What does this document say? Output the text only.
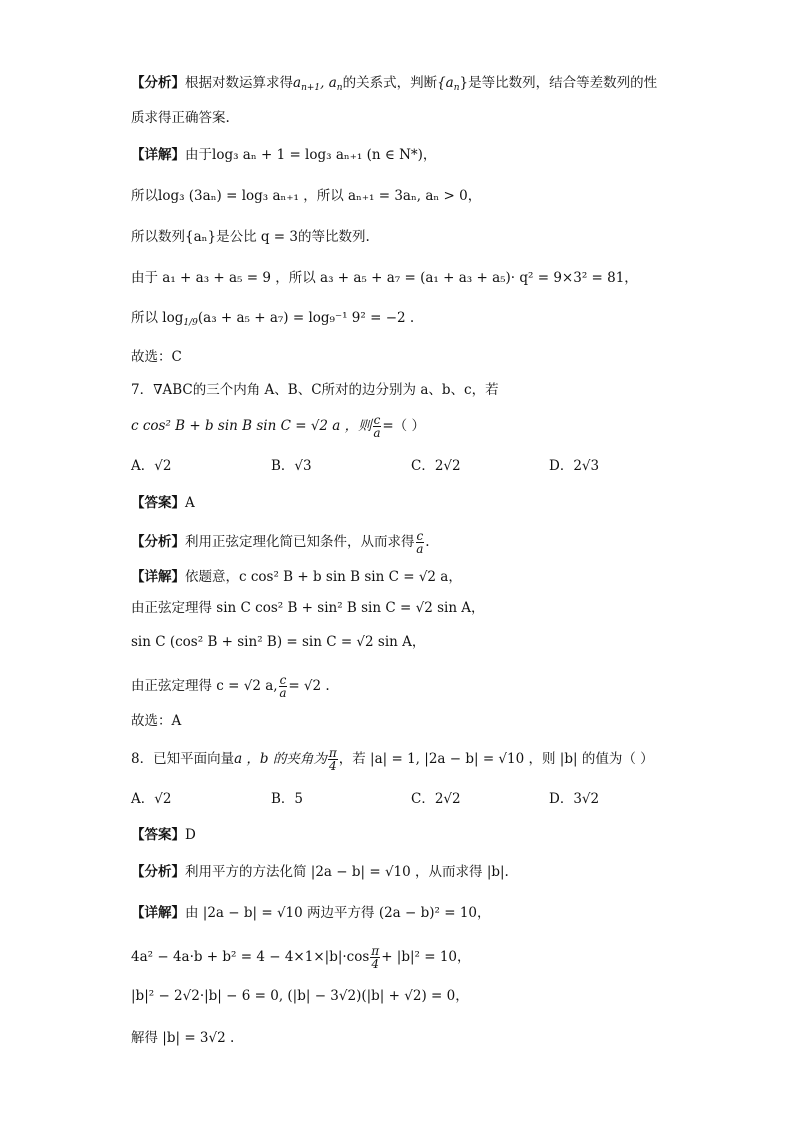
【分析】根据对数运算求得$a_{n+1}$, $a_n$的关系式，判断$\{a_n\}$是等比数列，结合等差数列的性
质求得正确答案.
【详解】由于log₃ aₙ + 1 = log₃ aₙ₊₁ (n ∈ N*)，
所以log₃ (3aₙ) = log₃ aₙ₊₁ ，所以 aₙ₊₁ = 3aₙ, aₙ > 0，
所以数列{aₙ}是公比 q = 3的等比数列.
由于 a₁ + a₃ + a₅ = 9 ，所以 a₃ + a₅ + a₇ = (a₁ + a₃ + a₅)· q² = 9×3² = 81，
所以 $\log_{1/9}(a_3 + a_5 + a_7) = \log_9^{-1}$ 9² = −2 .
故选：C
7．∇ABC的三个内角 A、B、C所对的边分别为 a、b、c，若
c cos² B + b sin B sin C = √2 a ，则 $\frac{c}{a}$ =（ ）
A．√2	B．√3	C．2√2	D．2√3
【答案】A
【分析】利用正弦定理化简已知条件，从而求得 $\frac{c}{a}$ .
【详解】依题意，c cos² B + b sin B sin C = √2 a，
由正弦定理得 sin C cos² B + sin² B sin C = √2 sin A，
sin C (cos² B + sin² B) = sin C = √2 sin A，
由正弦定理得 c = √2 a, $\frac{c}{a} = √2$ .
故选：A
8．已知平面向量a ，b 的夹角为 $\frac{\pi}{4}$ ，若 |a| = 1, |2a − b| = √10 ，则 |b| 的值为（ ）
A．√2	B．5	C．2√2	D．3√2
【答案】D
【分析】利用平方的方法化简 |2a − b| = √10 ，从而求得 |b|.
【详解】由 |2a − b| = √10 两边平方得 (2a − b)² = 10，
$4a^2 - 4a\cdot b + b^2 = 4 - 4\times 1\times|b|\cdot\cos \frac{\pi}{4} + |b|^2 = 10$，
|b|² − 2√2·|b| − 6 = 0, (|b| − 3√2)(|b| + √2) = 0，
解得 |b| = 3√2 .
